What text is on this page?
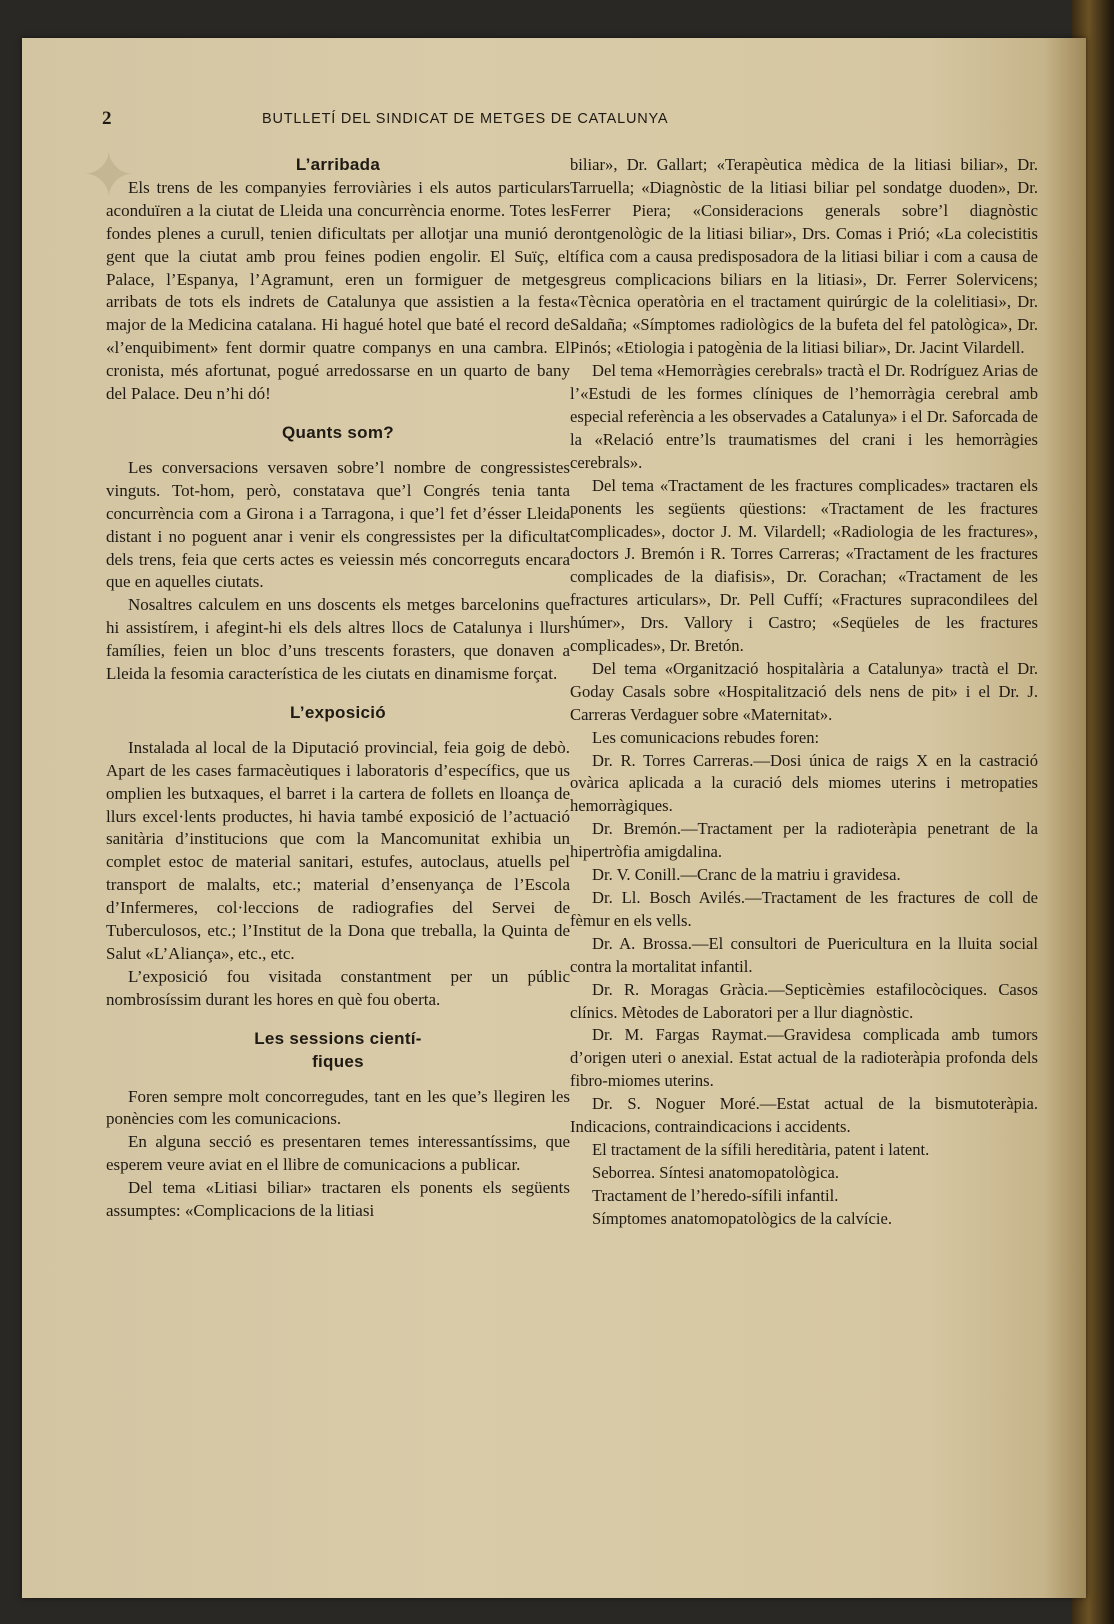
✦
2	BUTLLETÍ DEL SINDICAT DE METGES DE CATALUNYA
L’arribada

Els trens de les companyies ferroviàries i els autos particulars aconduïren a la ciutat de Lleida una concurrència enorme. Totes les fondes plenes a curull, tenien dificultats per allotjar una munió de gent que la ciutat amb prou feines podien engolir. El Suïç, el Palace, l’Espanya, l’Agramunt, eren un formiguer de metges arribats de tots els indrets de Catalunya que assistien a la festa major de la Medicina catalana. Hi hagué hotel que baté el record de «l’enquibiment» fent dormir quatre companys en una cambra. El cronista, més afortunat, pogué arredossarse en un quarto de bany del Palace. Deu n’hi dó!

Quants som?

Les conversacions versaven sobre’l nombre de congressistes vinguts. Tot-hom, però, constatava que’l Congrés tenia tanta concurrència com a Girona i a Tarragona, i que’l fet d’ésser Lleida distant i no poguent anar i venir els congressistes per la dificultat dels trens, feia que certs actes es veiessin més concorreguts encara que en aquelles ciutats.

Nosaltres calculem en uns doscents els metges barcelonins que hi assistírem, i afegint-hi els dels altres llocs de Catalunya i llurs famílies, feien un bloc d’uns trescents forasters, que donaven a Lleida la fesomia característica de les ciutats en dinamisme forçat.

L’exposició

Instalada al local de la Diputació provincial, feia goig de debò. Apart de les cases farmacèutiques i laboratoris d’específics, que us omplien les butxaques, el barret i la cartera de follets en lloança de llurs excel·lents productes, hi havia també exposició de l’actuació sanitària d’institucions que com la Mancomunitat exhibia un complet estoc de material sanitari, estufes, autoclaus, atuells pel transport de malalts, etc.; material d’ensenyança de l’Escola d’Infermeres, col·leccions de radiografies del Servei de Tuberculosos, etc.; l’Institut de la Dona que treballa, la Quinta de Salut «L’Aliança», etc., etc.

L’exposició fou visitada constantment per un públic nombrosíssim durant les hores en què fou oberta.

Les sessions cientí- fiques

Foren sempre molt concorregudes, tant en les que’s llegiren les ponències com les comunicacions.

En alguna secció es presentaren temes interessantíssims, que esperem veure aviat en el llibre de comunicacions a publicar.

Del tema «Litiasi biliar» tractaren els ponents els següents assumptes: «Complicacions de la litiasi

biliar», Dr. Gallart; «Terapèutica mèdica de la litiasi biliar», Dr. Tarruella; «Diagnòstic de la litiasi biliar pel sondatge duoden», Dr. Ferrer Piera; «Consideracions generals sobre’l diagnòstic rontgenològic de la litiasi biliar», Drs. Comas i Prió; «La colecistitis tífica com a causa predisposadora de la litiasi biliar i com a causa de greus complicacions biliars en la litiasi», Dr. Ferrer Solervicens; «Tècnica operatòria en el tractament quirúrgic de la colelitiasi», Dr. Saldaña; «Símptomes radiològics de la bufeta del fel patològica», Dr. Pinós; «Etiologia i patogènia de la litiasi biliar», Dr. Jacint Vilardell.

Del tema «Hemorràgies cerebrals» tractà el Dr. Rodríguez Arias de l’«Estudi de les formes clíniques de l’hemorràgia cerebral amb especial referència a les observades a Catalunya» i el Dr. Saforcada de la «Relació entre’ls traumatismes del crani i les hemorràgies cerebrals».

Del tema «Tractament de les fractures complicades» tractaren els ponents les següents qüestions: «Tractament de les fractures complicades», doctor J. M. Vilardell; «Radiologia de les fractures», doctors J. Bremón i R. Torres Carreras; «Tractament de les fractures complicades de la diafisis», Dr. Corachan; «Tractament de les fractures articulars», Dr. Pell Cuffí; «Fractures supracondilees del húmer», Drs. Vallory i Castro; «Seqüeles de les fractures complicades», Dr. Bretón.

Del tema «Organització hospitalària a Catalunya» tractà el Dr. Goday Casals sobre «Hospitalització dels nens de pit» i el Dr. J. Carreras Verdaguer sobre «Maternitat».

Les comunicacions rebudes foren:

Dr. R. Torres Carreras.—Dosi única de raigs X en la castració ovàrica aplicada a la curació dels miomes uterins i metropaties hemorràgiques.

Dr. Bremón.—Tractament per la radioteràpia penetrant de la hipertròfia amigdalina.

Dr. V. Conill.—Cranc de la matriu i gravidesa.

Dr. Ll. Bosch Avilés.—Tractament de les fractures de coll de fèmur en els vells.

Dr. A. Brossa.—El consultori de Puericultura en la lluita social contra la mortalitat infantil.

Dr. R. Moragas Gràcia.—Septicèmies estafilocòciques. Casos clínics. Mètodes de Laboratori per a llur diagnòstic.

Dr. M. Fargas Raymat.—Gravidesa complicada amb tumors d’origen uteri o anexial. Estat actual de la radioteràpia profonda dels fibro-miomes uterins.

Dr. S. Noguer Moré.—Estat actual de la bismutoteràpia. Indicacions, contraindicacions i accidents.

El tractament de la sífili hereditària, patent i latent.

Seborrea. Síntesi anatomopatològica.

Tractament de l’heredo-sífili infantil.

Símptomes anatomopatològics de la calvície.
